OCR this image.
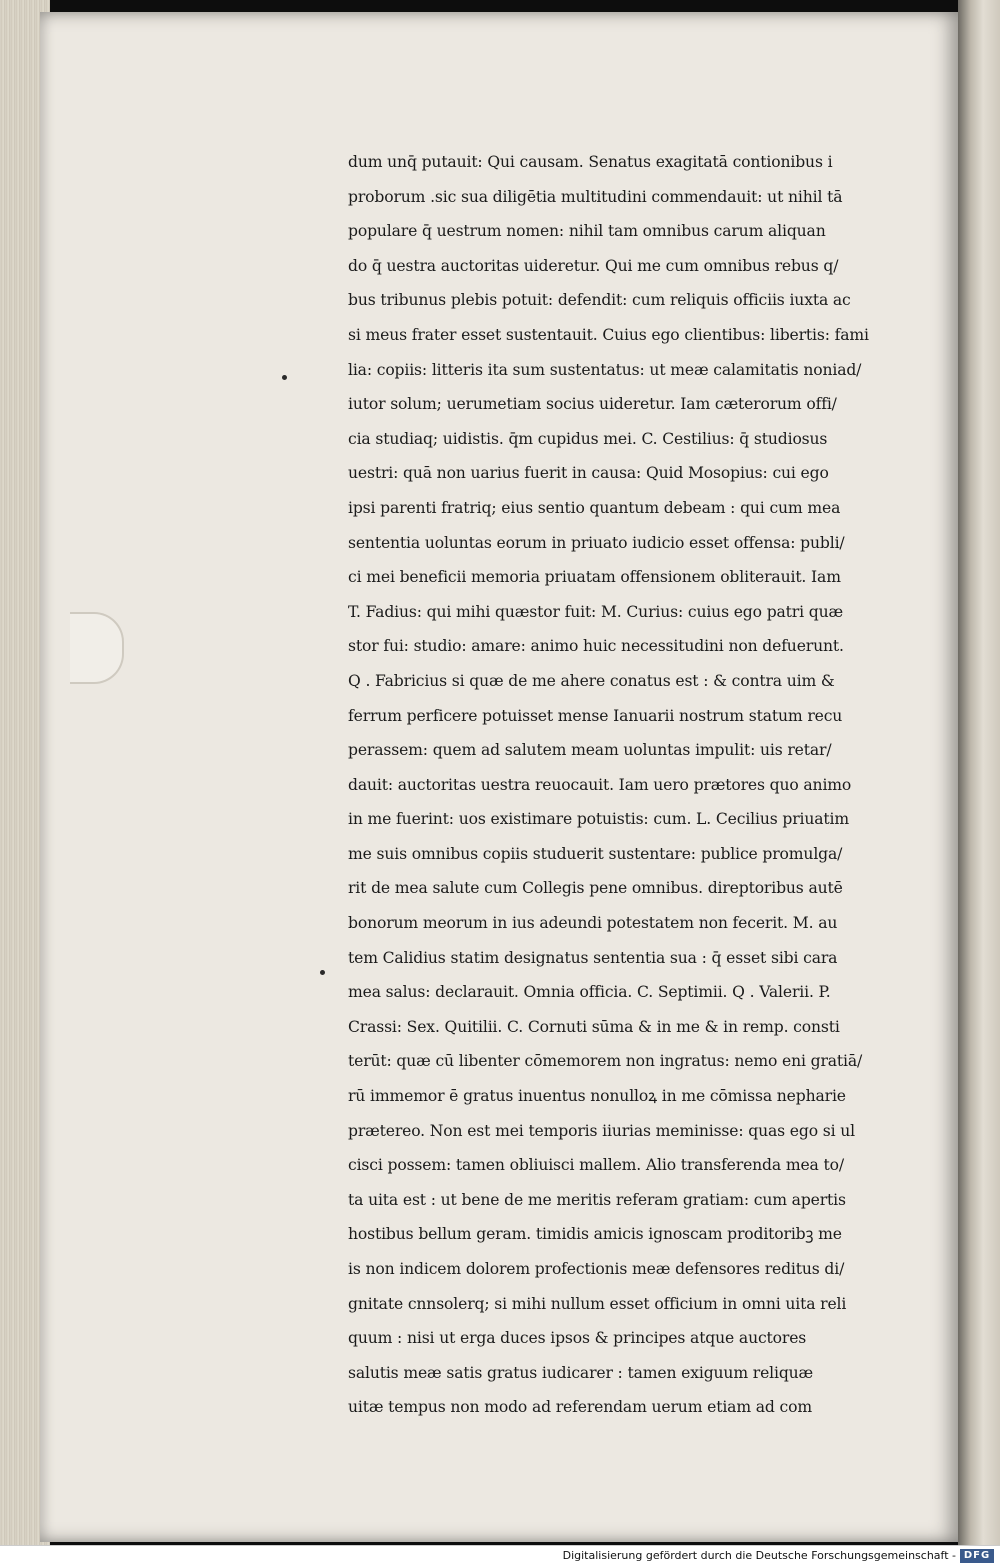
dum unq̄ putauit: Qui causam. Senatus exagitatā contionibus i
proborum .sic sua diligētia multitudini commendauit: ut nihil tā
populare q̄ uestrum nomen: nihil tam omnibus carum aliquan
do q̄ uestra auctoritas uideretur. Qui me cum omnibus rebus q/
bus tribunus plebis potuit: defendit: cum reliquis officiis iuxta ac
si meus frater esset sustentauit. Cuius ego clientibus: libertis: fami
lia: copiis: litteris ita sum sustentatus: ut meæ calamitatis noniad/
iutor solum; uerumetiam socius uideretur. Iam cæterorum offi/
cia studiaq; uidistis. q̄m cupidus mei. C. Cestilius: q̄ studiosus
uestri: quā non uarius fuerit in causa: Quid Mosopius: cui ego
ipsi parenti fratriq; eius sentio quantum debeam : qui cum mea
sententia uoluntas eorum in priuato iudicio esset offensa: publi/
ci mei beneficii memoria priuatam offensionem obliterauit. Iam
T. Fadius: qui mihi quæstor fuit: M. Curius: cuius ego patri quæ
stor fui: studio: amare: animo huic necessitudini non defuerunt.
Q . Fabricius si quæ de me ahere conatus est : & contra uim &
ferrum perficere potuisset mense Ianuarii nostrum statum recu
perassem: quem ad salutem meam uoluntas impulit: uis retar/
dauit: auctoritas uestra reuocauit. Iam uero prætores quo animo
in me fuerint: uos existimare potuistis: cum. L. Cecilius priuatim
me suis omnibus copiis studuerit sustentare: publice promulga/
rit de mea salute cum Collegis pene omnibus. direptoribus autē
bonorum meorum in ius adeundi potestatem non fecerit. M. au
tem Calidius statim designatus sententia sua : q̄ esset sibi cara
mea salus: declarauit. Omnia officia. C. Septimii. Q . Valerii. P.
Crassi: Sex. Quitilii. C. Cornuti sūma & in me & in remp. consti
terūt: quæ cū libenter cōmemorem non ingratus: nemo eni gratiā/
rū immemor ē gratus inuentus nonulloꝝ in me cōmissa nepharie
prætereo. Non est mei temporis iiurias meminisse: quas ego si ul
cisci possem: tamen obliuisci mallem. Alio transferenda mea to/
ta uita est : ut bene de me meritis referam gratiam: cum apertis
hostibus bellum geram. timidis amicis ignoscam proditoribꝫ me
is non indicem dolorem profectionis meæ defensores reditus di/
gnitate cnnsolerq; si mihi nullum esset officium in omni uita reli
quum : nisi ut erga duces ipsos & principes atque auctores
salutis meæ satis gratus iudicarer : tamen exiguum reliquæ
uitæ tempus non modo ad referendam uerum etiam ad com
Digitalisierung gefördert durch die Deutsche Forschungsgemeinschaft - DFG
